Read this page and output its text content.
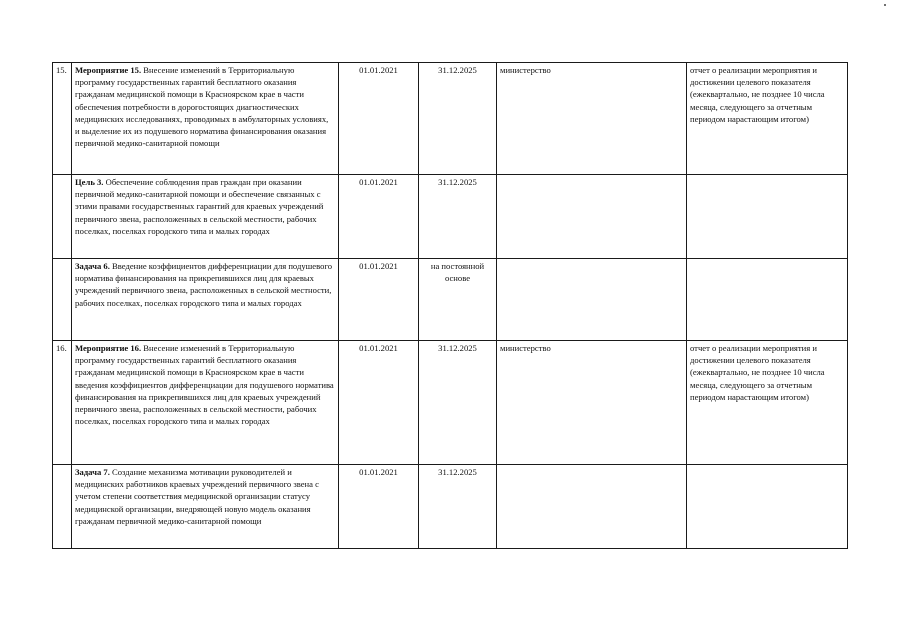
15.	Мероприятие 15. Внесение изменений в Территориальную программу государственных гарантий бесплатного оказания гражданам медицинской помощи в Красноярском крае в части обеспечения потребности в дорогостоящих диагностических медицинских исследованиях, проводимых в амбулаторных условиях, и выделение их из подушевого норматива финансирования оказания первичной медико-санитарной помощи	01.01.2021	31.12.2025	министерство	отчет о реализации мероприятия и достижении целевого показателя (ежеквартально, не позднее 10 числа месяца, следующего за отчетным периодом нарастающим итогом)
	Цель 3. Обеспечение соблюдения прав граждан при оказании первичной медико-санитарной помощи и обеспечение связанных с этими правами государственных гарантий для краевых учреждений первичного звена, расположенных в сельской местности, рабочих поселках, поселках городского типа и малых городах	01.01.2021	31.12.2025		
	Задача 6. Введение коэффициентов дифференциации для подушевого норматива финансирования на прикрепившихся лиц для краевых учреждений первичного звена, расположенных в сельской местности, рабочих поселках, поселках городского типа и малых городах	01.01.2021	на постоянной основе		
16.	Мероприятие 16. Внесение изменений в Территориальную программу государственных гарантий бесплатного оказания гражданам медицинской помощи в Красноярском крае в части введения коэффициентов дифференциации для подушевого норматива финансирования на прикрепившихся лиц для краевых учреждений первичного звена, расположенных в сельской местности, рабочих поселках, поселках городского типа и малых городах	01.01.2021	31.12.2025	министерство	отчет о реализации мероприятия и достижении целевого показателя (ежеквартально, не позднее 10 числа месяца, следующего за отчетным периодом нарастающим итогом)
	Задача 7. Создание механизма мотивации руководителей и медицинских работников краевых учреждений первичного звена с учетом степени соответствия медицинской организации статусу медицинской организации, внедряющей новую модель оказания гражданам первичной медико-санитарной помощи	01.01.2021	31.12.2025		
